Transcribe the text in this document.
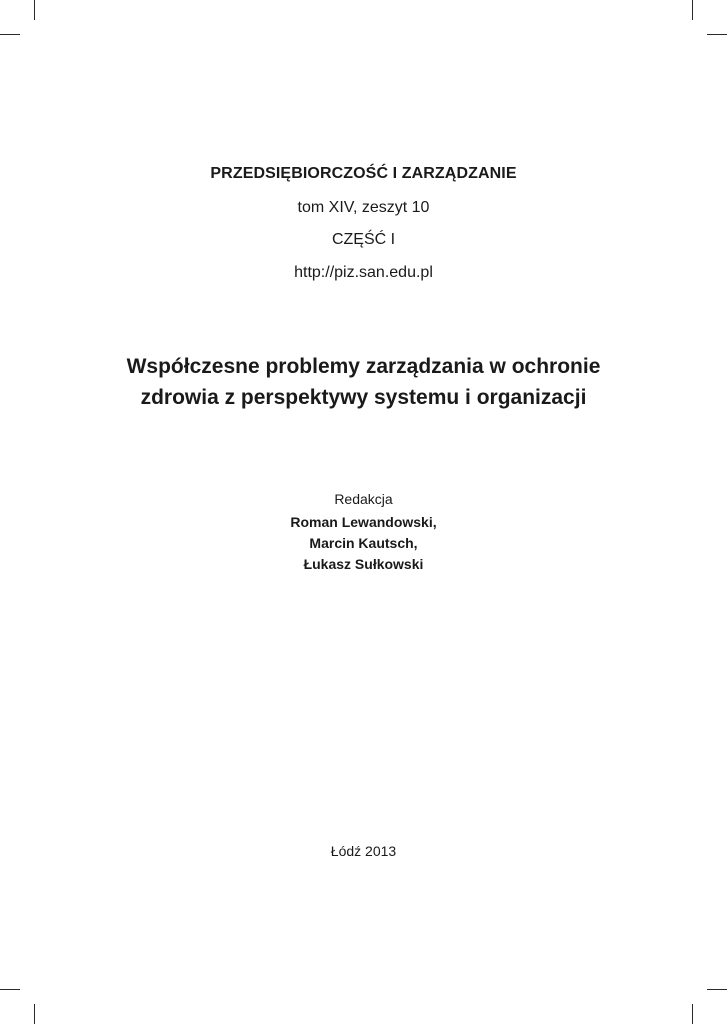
PRZEDSIĘBIORCZOŚĆ I ZARZĄDZANIE
tom XIV, zeszyt 10
CZĘŚĆ I
http://piz.san.edu.pl
Współczesne problemy zarządzania w ochronie
zdrowia z perspektywy systemu i organizacji
Redakcja
Roman Lewandowski,
Marcin Kautsch,
Łukasz Sułkowski
Łódź 2013
